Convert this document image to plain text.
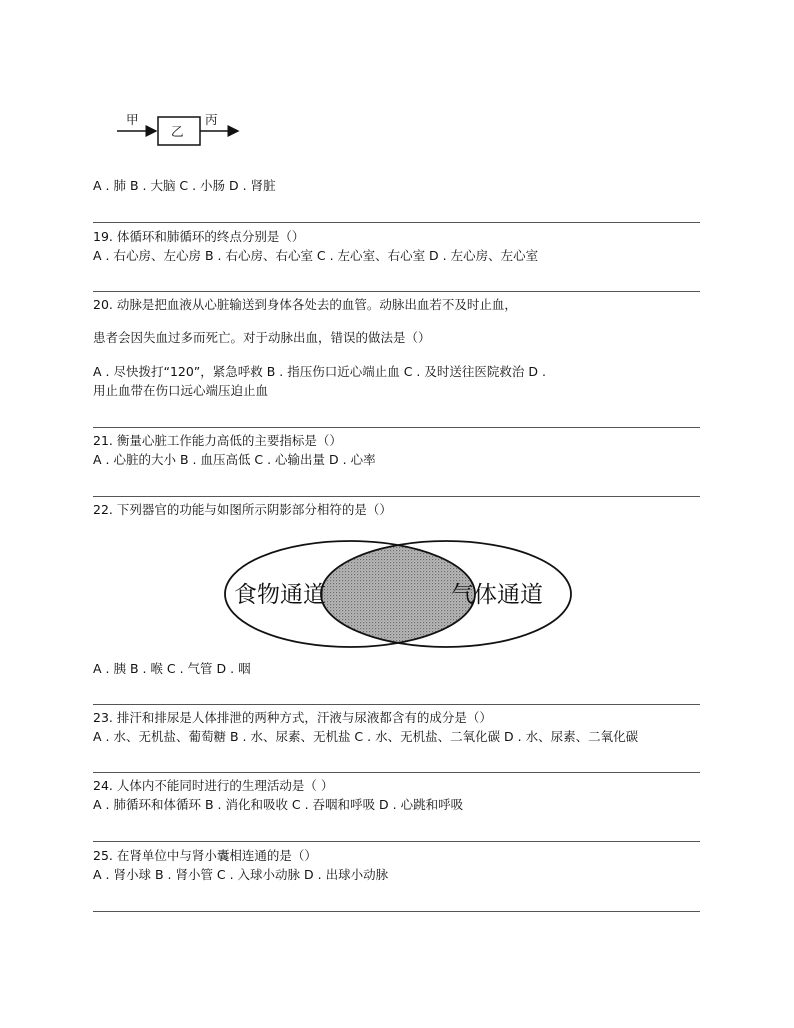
甲
乙
丙
A . 肺 B . 大脑 C . 小肠 D . 肾脏
19. 体循环和肺循环的终点分别是（）
A . 右心房、左心房 B . 右心房、右心室 C . 左心室、右心室 D . 左心房、左心室
20. 动脉是把血液从心脏输送到身体各处去的血管。动脉出血若不及时止血，
患者会因失血过多而死亡。对于动脉出血，错误的做法是（）
A . 尽快拨打“120”，紧急呼救 B . 指压伤口近心端止血 C . 及时送往医院救治 D .
用止血带在伤口远心端压迫止血
21. 衡量心脏工作能力高低的主要指标是（）
A . 心脏的大小 B . 血压高低 C . 心输出量 D . 心率
22. 下列器官的功能与如图所示阴影部分相符的是（）
食物通道	气体通道
A . 胰 B . 喉 C . 气管 D . 咽
23. 排汗和排尿是人体排泄的两种方式，汗液与尿液都含有的成分是（）
A . 水、无机盐、葡萄糖 B . 水、尿素、无机盐 C . 水、无机盐、二氧化碳 D . 水、尿素、二氧化碳
24. 人体内不能同时进行的生理活动是（ ）
A . 肺循环和体循环 B . 消化和吸收 C . 吞咽和呼吸 D . 心跳和呼吸
25. 在肾单位中与肾小囊相连通的是（）
A . 肾小球 B . 肾小管 C . 入球小动脉 D . 出球小动脉
